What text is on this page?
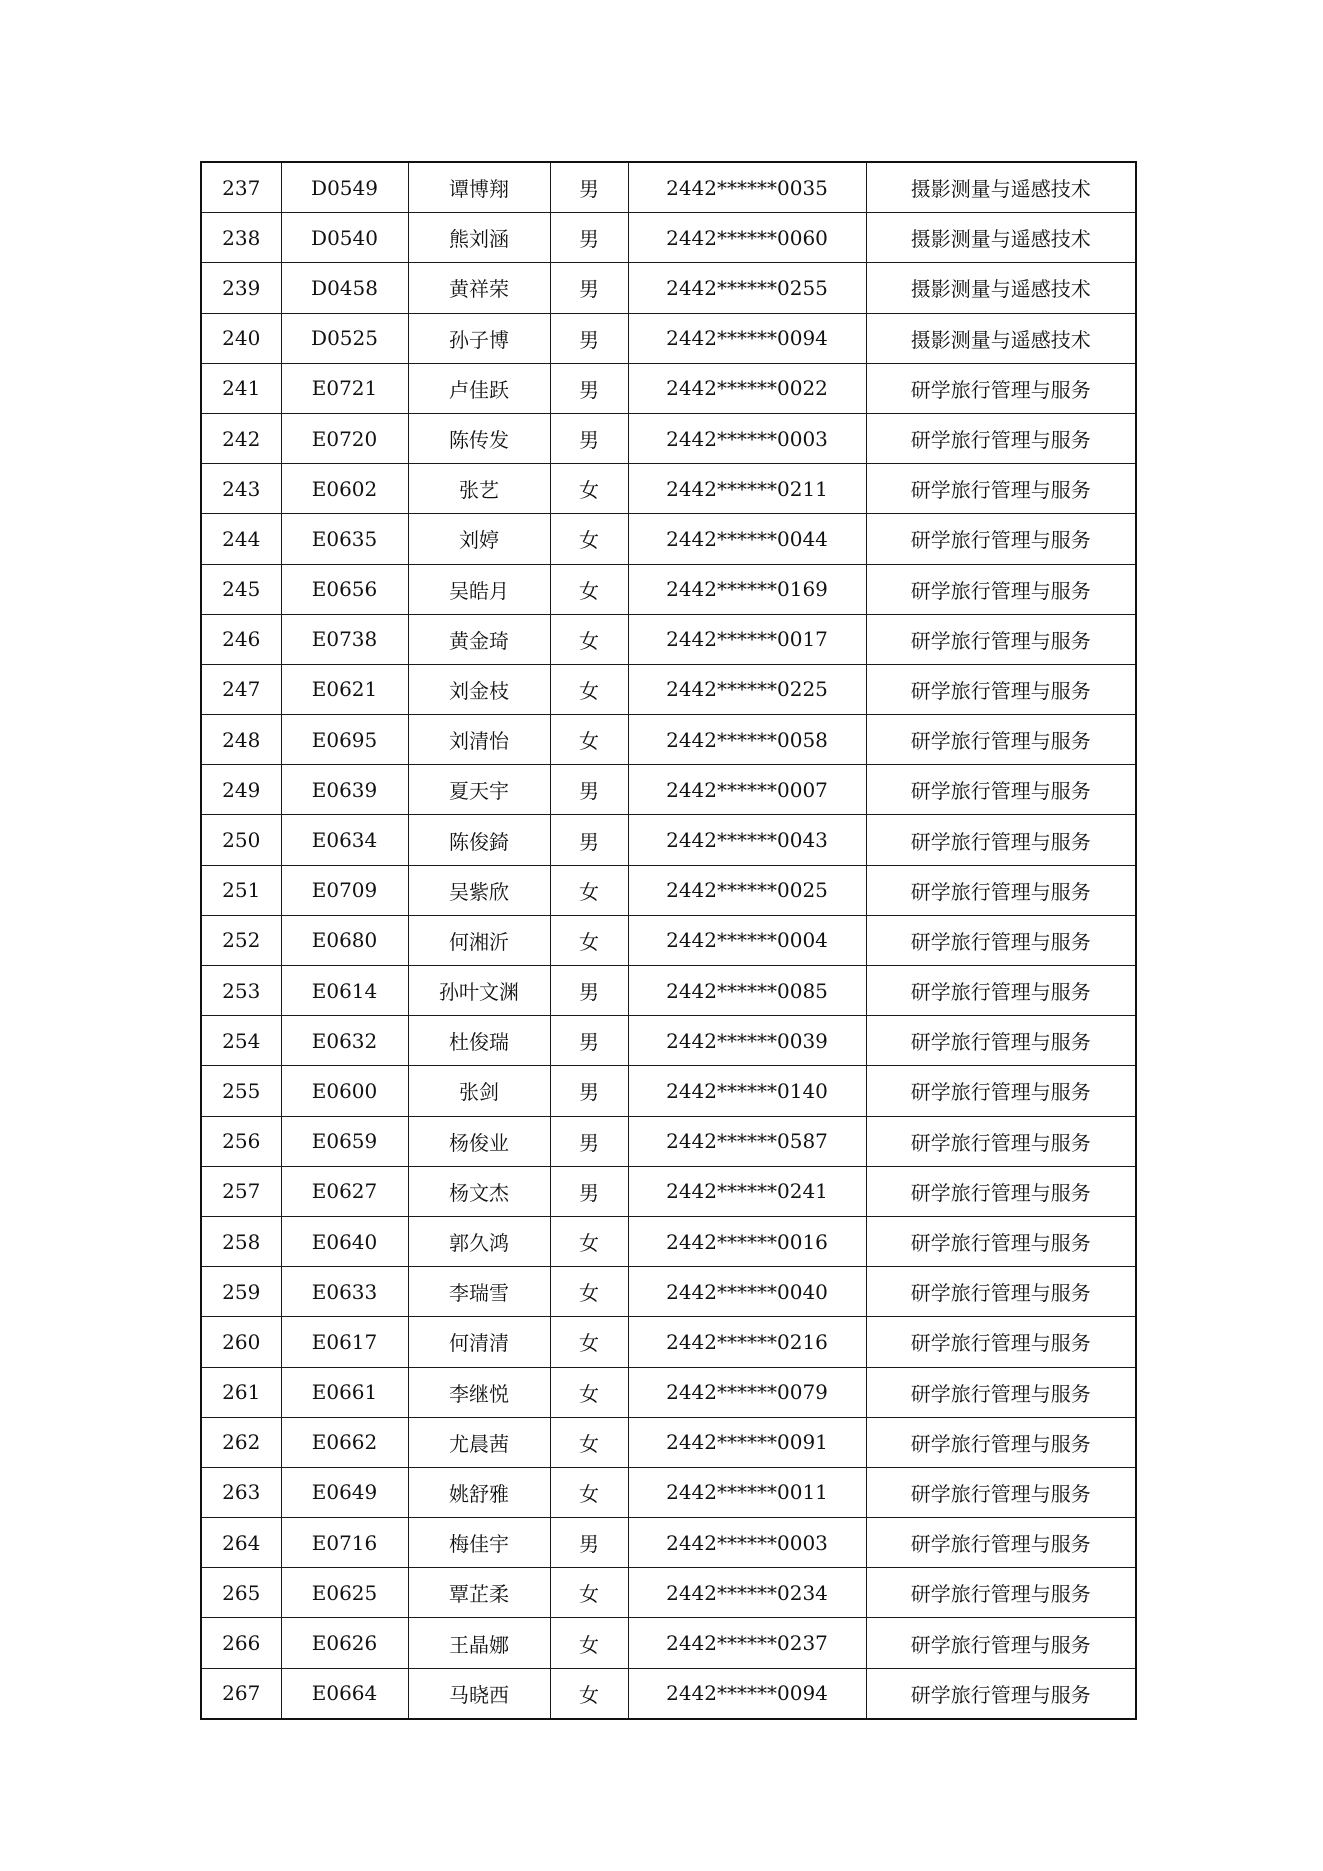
237	D0549	谭博翔	男	2442******0035	摄影测量与遥感技术
238	D0540	熊刘涵	男	2442******0060	摄影测量与遥感技术
239	D0458	黄祥荣	男	2442******0255	摄影测量与遥感技术
240	D0525	孙子博	男	2442******0094	摄影测量与遥感技术
241	E0721	卢佳跃	男	2442******0022	研学旅行管理与服务
242	E0720	陈传发	男	2442******0003	研学旅行管理与服务
243	E0602	张艺	女	2442******0211	研学旅行管理与服务
244	E0635	刘婷	女	2442******0044	研学旅行管理与服务
245	E0656	吴皓月	女	2442******0169	研学旅行管理与服务
246	E0738	黄金琦	女	2442******0017	研学旅行管理与服务
247	E0621	刘金枝	女	2442******0225	研学旅行管理与服务
248	E0695	刘清怡	女	2442******0058	研学旅行管理与服务
249	E0639	夏天宇	男	2442******0007	研学旅行管理与服务
250	E0634	陈俊錡	男	2442******0043	研学旅行管理与服务
251	E0709	吴紫欣	女	2442******0025	研学旅行管理与服务
252	E0680	何湘沂	女	2442******0004	研学旅行管理与服务
253	E0614	孙叶文渊	男	2442******0085	研学旅行管理与服务
254	E0632	杜俊瑞	男	2442******0039	研学旅行管理与服务
255	E0600	张剑	男	2442******0140	研学旅行管理与服务
256	E0659	杨俊业	男	2442******0587	研学旅行管理与服务
257	E0627	杨文杰	男	2442******0241	研学旅行管理与服务
258	E0640	郭久鸿	女	2442******0016	研学旅行管理与服务
259	E0633	李瑞雪	女	2442******0040	研学旅行管理与服务
260	E0617	何清清	女	2442******0216	研学旅行管理与服务
261	E0661	李继悦	女	2442******0079	研学旅行管理与服务
262	E0662	尤晨茜	女	2442******0091	研学旅行管理与服务
263	E0649	姚舒雅	女	2442******0011	研学旅行管理与服务
264	E0716	梅佳宇	男	2442******0003	研学旅行管理与服务
265	E0625	覃芷柔	女	2442******0234	研学旅行管理与服务
266	E0626	王晶娜	女	2442******0237	研学旅行管理与服务
267	E0664	马晓西	女	2442******0094	研学旅行管理与服务
